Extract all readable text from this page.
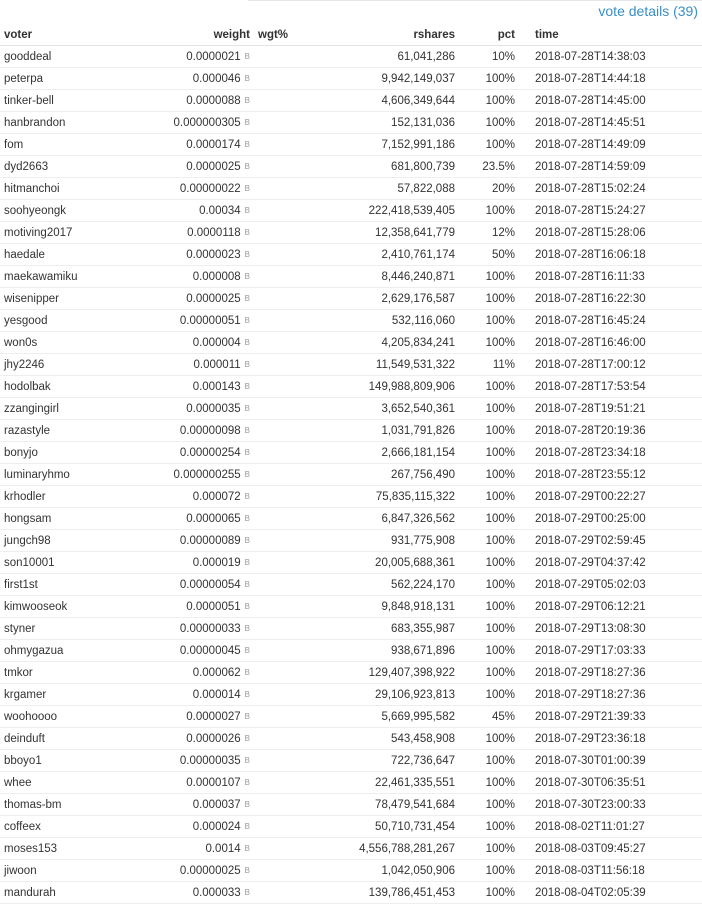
vote details (39)
voter	weight	wgt%	rshares	pct	time
gooddeal	0.0000021 B		61,041,286	10%	2018-07-28T14:38:03
peterpa	0.000046 B		9,942,149,037	100%	2018-07-28T14:44:18
tinker-bell	0.0000088 B		4,606,349,644	100%	2018-07-28T14:45:00
hanbrandon	0.000000305 B		152,131,036	100%	2018-07-28T14:45:51
fom	0.0000174 B		7,152,991,186	100%	2018-07-28T14:49:09
dyd2663	0.0000025 B		681,800,739	23.5%	2018-07-28T14:59:09
hitmanchoi	0.00000022 B		57,822,088	20%	2018-07-28T15:02:24
soohyeongk	0.00034 B		222,418,539,405	100%	2018-07-28T15:24:27
motiving2017	0.0000118 B		12,358,641,779	12%	2018-07-28T15:28:06
haedale	0.0000023 B		2,410,761,174	50%	2018-07-28T16:06:18
maekawamiku	0.000008 B		8,446,240,871	100%	2018-07-28T16:11:33
wisenipper	0.0000025 B		2,629,176,587	100%	2018-07-28T16:22:30
yesgood	0.00000051 B		532,116,060	100%	2018-07-28T16:45:24
won0s	0.000004 B		4,205,834,241	100%	2018-07-28T16:46:00
jhy2246	0.000011 B		11,549,531,322	11%	2018-07-28T17:00:12
hodolbak	0.000143 B		149,988,809,906	100%	2018-07-28T17:53:54
zzangingirl	0.0000035 B		3,652,540,361	100%	2018-07-28T19:51:21
razastyle	0.00000098 B		1,031,791,826	100%	2018-07-28T20:19:36
bonyjo	0.00000254 B		2,666,181,154	100%	2018-07-28T23:34:18
luminaryhmo	0.000000255 B		267,756,490	100%	2018-07-28T23:55:12
krhodler	0.000072 B		75,835,115,322	100%	2018-07-29T00:22:27
hongsam	0.0000065 B		6,847,326,562	100%	2018-07-29T00:25:00
jungch98	0.00000089 B		931,775,908	100%	2018-07-29T02:59:45
son10001	0.000019 B		20,005,688,361	100%	2018-07-29T04:37:42
first1st	0.00000054 B		562,224,170	100%	2018-07-29T05:02:03
kimwooseok	0.0000051 B		9,848,918,131	100%	2018-07-29T06:12:21
styner	0.00000033 B		683,355,987	100%	2018-07-29T13:08:30
ohmygazua	0.00000045 B		938,671,896	100%	2018-07-29T17:03:33
tmkor	0.000062 B		129,407,398,922	100%	2018-07-29T18:27:36
krgamer	0.000014 B		29,106,923,813	100%	2018-07-29T18:27:36
woohoooo	0.0000027 B		5,669,995,582	45%	2018-07-29T21:39:33
deinduft	0.0000026 B		543,458,908	100%	2018-07-29T23:36:18
bboyo1	0.00000035 B		722,736,647	100%	2018-07-30T01:00:39
whee	0.0000107 B		22,461,335,551	100%	2018-07-30T06:35:51
thomas-bm	0.000037 B		78,479,541,684	100%	2018-07-30T23:00:33
coffeex	0.000024 B		50,710,731,454	100%	2018-08-02T11:01:27
moses153	0.0014 B		4,556,788,281,267	100%	2018-08-03T09:45:27
jiwoon	0.00000025 B		1,042,050,906	100%	2018-08-03T11:56:18
mandurah	0.000033 B		139,786,451,453	100%	2018-08-04T02:05:39
